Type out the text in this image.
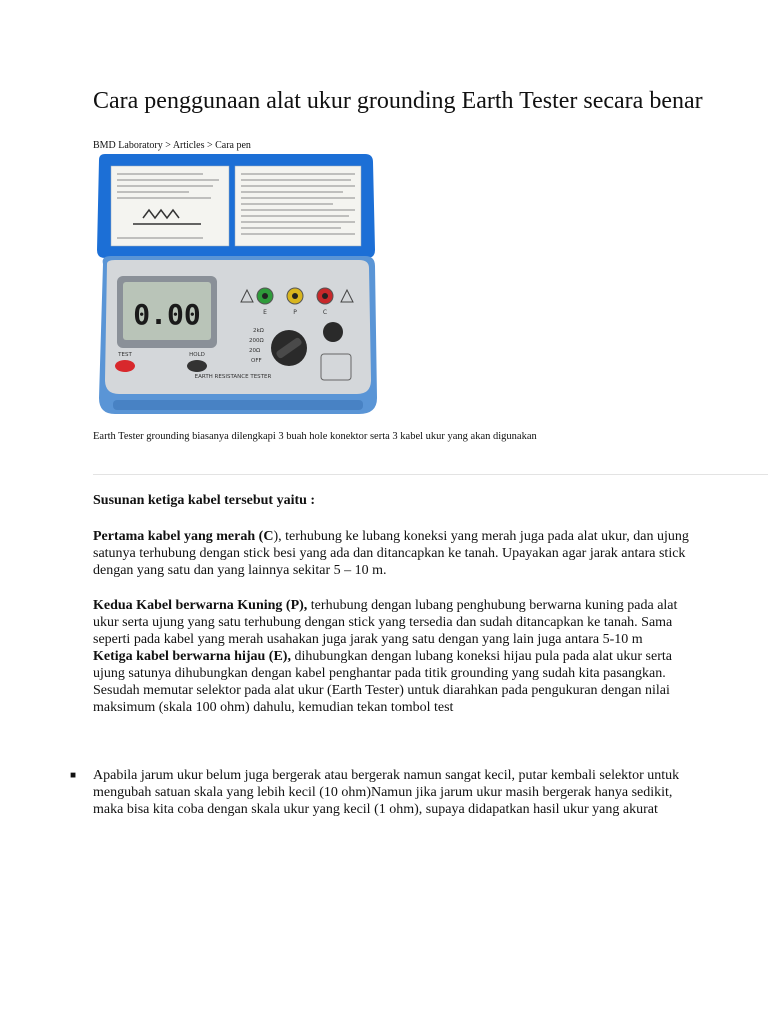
Cara penggunaan alat ukur grounding Earth Tester secara benar
BMD Laboratory > Articles > Cara pen
0.00	E	P	C
2kΩ
200Ω
20Ω
OFF
TEST	HOLD
EARTH RESISTANCE TESTER
Earth Tester grounding biasanya dilengkapi 3 buah hole konektor serta 3 kabel ukur yang akan digunakan
Susunan ketiga kabel tersebut yaitu :

Pertama kabel yang merah (C), terhubung ke lubang koneksi yang merah juga pada alat ukur, dan ujung satunya terhubung dengan stick besi yang ada dan ditancapkan ke tanah. Upayakan agar jarak antara stick dengan yang satu dan yang lainnya sekitar 5 – 10 m.

Kedua Kabel berwarna Kuning (P), terhubung dengan lubang penghubung berwarna kuning pada alat ukur serta ujung yang satu terhubung dengan stick yang tersedia dan sudah ditancapkan ke tanah. Sama seperti pada kabel yang merah usahakan juga jarak yang satu dengan yang lain juga antara 5-10 m

Ketiga kabel berwarna hijau (E), dihubungkan dengan lubang koneksi hijau pula pada alat ukur serta ujung satunya dihubungkan dengan kabel penghantar pada titik grounding yang sudah kita pasangkan.

Sesudah memutar selektor pada alat ukur (Earth Tester) untuk diarahkan pada pengukuran dengan nilai maksimum (skala 100 ohm) dahulu, kemudian tekan tombol test

■ Apabila jarum ukur belum juga bergerak atau bergerak namun sangat kecil, putar kembali selektor untuk mengubah satuan skala yang lebih kecil (10 ohm)Namun jika jarum ukur masih bergerak hanya sedikit, maka bisa kita coba dengan skala ukur yang kecil (1 ohm), supaya didapatkan hasil ukur yang akurat
